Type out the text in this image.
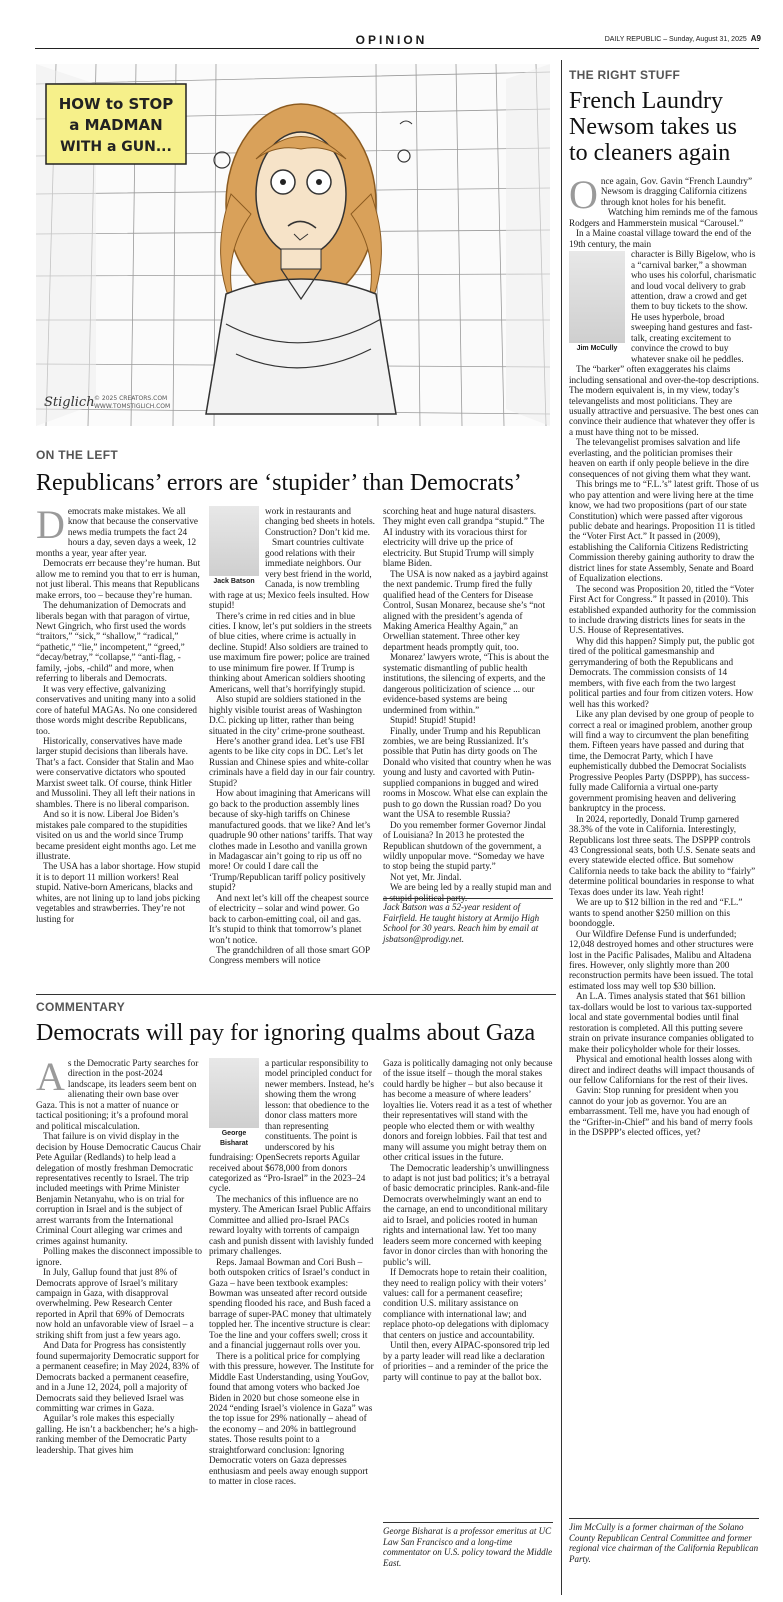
OPINION	DAILY REPUBLIC – Sunday, August 31, 2025 A9
HOW to STOP
a MADMAN
WITH a GUN...
Stiglich © 2025 CREATORS.COM
WWW.TOMSTIGLICH.COM
ON THE LEFT
Republicans’ errors are ‘stupider’ than Democrats’

Democrats make mistakes. We all know that because the conservative news media trumpets the fact 24 hours a day, seven days a week, 12 months a year, year after year.

Democrats err because they’re human. But allow me to remind you that to err is human, not just liberal. This means that Republicans make errors, too – because they’re human.

The dehumanization of Democrats and liberals began with that paragon of virtue, Newt Gingrich, who first used the words “traitors,” “sick,” “shallow,” “radical,” “pathetic,” “lie,” incompetent,” “greed,” “decay/betray,” “collapse,” “anti-flag, -family, -jobs, -child” and more, when referring to liberals and Democrats.

It was very effective, galvanizing conservatives and uniting many into a solid core of hateful MAGAs. No one considered those words might describe Republicans, too.

Historically, conservatives have made larger stupid decisions than liberals have. That’s a fact. Consider that Stalin and Mao were conservative dictators who spouted Marxist sweet talk. Of course, think Hitler and Mussolini. They all left their nations in shambles. There is no liberal comparison.

And so it is now. Liberal Joe Biden’s mistakes pale compared to the stupidities visited on us and the world since Trump became president eight months ago. Let me illustrate.

The USA has a labor shortage. How stupid it is to deport 11 million workers! Real stupid. Native-born Americans, blacks and whites, are not lining up to land jobs picking vegetables and strawberries. They’re not lusting for

Jack Batson

work in restaurants and changing bed sheets in hotels. Construction? Don’t kid me.

Smart countries cultivate good relations with their immediate neighbors. Our very best friend in the world, Canada, is now trembling with rage at us; Mexico feels insulted. How stupid!

There’s crime in red cities and in blue cities. I know, let’s put soldiers in the streets of blue cities, where crime is actually in decline. Stupid! Also soldiers are trained to use maximum fire power; police are trained to use minimum fire power. If Trump is thinking about American soldiers shooting Americans, well that’s horrifyingly stupid.

Also stupid are soldiers stationed in the highly visible tourist areas of Washington D.C. picking up litter, rather than being situated in the city’ crime-prone southeast.

Here’s another grand idea. Let’s use FBI agents to be like city cops in DC. Let’s let Russian and Chinese spies and white-collar criminals have a field day in our fair country. Stupid?

How about imagining that Americans will go back to the production assembly lines because of sky-high tariffs on Chinese manufactured goods. that we like? And let’s quadruple 90 other nations’ tariffs. That way clothes made in Lesotho and vanilla grown in Madagascar ain’t going to rip us off no more! Or could I dare call the ‘Trump/Republican tariff policy positively stupid?

And next let’s kill off the cheapest source of electricity – solar and wind power. Go back to carbon-emitting coal, oil and gas. It’s stupid to think that tomorrow’s planet won’t notice.

The grandchildren of all those smart GOP Congress members will notice

scorching heat and huge natural disasters. They might even call grandpa “stupid.” The AI industry with its voracious thirst for electricity will drive up the price of electricity. But Stupid Trump will simply blame Biden.

The USA is now naked as a jaybird against the next pandemic. Trump fired the fully qualified head of the Centers for Disease Control, Susan Monarez, because she’s “not aligned with the president’s agenda of Making America Healthy Again,” an Orwellian statement. Three other key department heads promptly quit, too.

Monarez’ lawyers wrote, “This is about the systematic dismantling of public health institutions, the silencing of experts, and the dangerous politicization of science ... our evidence-based systems are being undermined from within.”

Stupid! Stupid! Stupid!

Finally, under Trump and his Republican zombies, we are being Russianized. It’s possible that Putin has dirty goods on The Donald who visited that country when he was young and lusty and cavorted with Putin-supplied companions in bugged and wired rooms in Moscow. What else can explain the push to go down the Russian road? Do you want the USA to resemble Russia?

Do you remember former Governor Jindal of Louisiana? In 2013 he protested the Republican shutdown of the government, a wildly unpopular move. “Someday we have to stop being the stupid party.”

Not yet, Mr. Jindal.

We are being led by a really stupid man and a stupid political party.

Jack Batson was a 52-year resident of Fairfield. He taught history at Armijo High School for 30 years. Reach him by email at jsbatson@prodigy.net.
COMMENTARY
Democrats will pay for ignoring qualms about Gaza

As the Democratic Party searches for direction in the post-2024 landscape, its leaders seem bent on alienating their own base over Gaza. This is not a matter of nuance or tactical positioning; it’s a profound moral and political miscalculation.

That failure is on vivid display in the decision by House Democratic Caucus Chair Pete Aguilar (Redlands) to help lead a delegation of mostly freshman Democratic representatives recently to Israel. The trip included meetings with Prime Minister Benjamin Netanyahu, who is on trial for corruption in Israel and is the subject of arrest warrants from the International Criminal Court alleging war crimes and crimes against humanity.

Polling makes the disconnect impossible to ignore.

In July, Gallup found that just 8% of Democrats approve of Israel’s military campaign in Gaza, with disapproval overwhelming. Pew Research Center reported in April that 69% of Democrats now hold an unfavorable view of Israel – a striking shift from just a few years ago.

And Data for Progress has consistently found supermajority Democratic support for a permanent ceasefire; in May 2024, 83% of Democrats backed a permanent ceasefire, and in a June 12, 2024, poll a majority of Democrats said they believed Israel was committing war crimes in Gaza.

Aguilar’s role makes this especially galling. He isn’t a backbencher; he’s a high-ranking member of the Democratic Party leadership. That gives him

George Bisharat

a particular responsibility to model principled conduct for newer members. Instead, he’s showing them the wrong lesson: that obedience to the donor class matters more than representing constituents. The point is underscored by his fundraising: OpenSecrets reports Aguilar received about $678,000 from donors categorized as “Pro-Israel” in the 2023–24 cycle.

The mechanics of this influence are no mystery. The American Israel Public Affairs Committee and allied pro-Israel PACs reward loyalty with torrents of campaign cash and punish dissent with lavishly funded primary challenges.

Reps. Jamaal Bowman and Cori Bush – both outspoken critics of Israel’s conduct in Gaza – have been textbook examples: Bowman was unseated after record outside spending flooded his race, and Bush faced a barrage of super-PAC money that ultimately toppled her. The incentive structure is clear: Toe the line and your coffers swell; cross it and a financial juggernaut rolls over you.

There is a political price for complying with this pressure, however. The Institute for Middle East Understanding, using YouGov, found that among voters who backed Joe Biden in 2020 but chose someone else in 2024 “ending Israel’s violence in Gaza” was the top issue for 29% nationally – ahead of the economy – and 20% in battleground states. Those results point to a straightforward conclusion: Ignoring Democratic voters on Gaza depresses enthusiasm and peels away enough support to matter in close races.

Gaza is politically damaging not only because of the issue itself – though the moral stakes could hardly be higher – but also because it has become a measure of where leaders’ loyalties lie. Voters read it as a test of whether their representatives will stand with the people who elected them or with wealthy donors and foreign lobbies. Fail that test and many will assume you might betray them on other critical issues in the future.

The Democratic leadership’s unwillingness to adapt is not just bad politics; it’s a betrayal of basic democratic principles. Rank-and-file Democrats overwhelmingly want an end to the carnage, an end to unconditional military aid to Israel, and policies rooted in human rights and international law. Yet too many leaders seem more concerned with keeping favor in donor circles than with honoring the public’s will.

If Democrats hope to retain their coalition, they need to realign policy with their voters’ values: call for a permanent ceasefire; condition U.S. military assistance on compliance with international law; and replace photo-op delegations with diplomacy that centers on justice and accountability.

Until then, every AIPAC-sponsored trip led by a party leader will read like a declaration of priorities – and a reminder of the price the party will continue to pay at the ballot box.

George Bisharat is a professor emeritus at UC Law San Francisco and a long-time commentator on U.S. policy toward the Middle East.
THE RIGHT STUFF
French Laundry Newsom takes us to cleaners again

Once again, Gov. Gavin “French Laundry” Newsom is dragging California citizens through knot holes for his benefit.

Watching him reminds me of the famous Rodgers and Hammerstein musical “Carousel.”

In a Maine coastal village toward the end of the 19th century, the main

Jim McCully

character is Billy Bigelow, who is a “carnival barker,” a showman who uses his colorful, charismatic and loud vocal delivery to grab attention, draw a crowd and get them to buy tickets to the show. He uses hyperbole, broad sweeping hand gestures and fast-talk, creating excitement to convince the crowd to buy whatever snake oil he peddles.

The “barker” often exaggerates his claims including sensational and over-the-top descriptions. The modern equivalent is, in my view, today’s televangelists and most politicians. They are usually attractive and persuasive. The best ones can convince their audience that whatever they offer is a must have thing not to be missed.

The televangelist promises salvation and life everlasting, and the politician promises their heaven on earth if only people believe in the dire consequences of not giving them what they want.

This brings me to “F.L.’s” latest grift. Those of us who pay attention and were living here at the time know, we had two propositions (part of our state Constitution) which were passed after vigorous public debate and hearings. Proposition 11 is titled the “Voter First Act.” It passed in (2009), establishing the California Citizens Redistricting Commission thereby gaining authority to draw the district lines for state Assembly, Senate and Board of Equalization elections.

The second was Proposition 20, titled the “Voter First Act for Congress.” It passed in (2010). This established expanded authority for the commission to include drawing districts lines for seats in the U.S. House of Representatives.

Why did this happen? Simply put, the public got tired of the political gamesmanship and gerrymandering of both the Republicans and Democrats. The commission consists of 14 members, with five each from the two largest political parties and four from citizen voters. How well has this worked?

Like any plan devised by one group of people to correct a real or imagined problem, another group will find a way to circumvent the plan benefiting them. Fifteen years have passed and during that time, the Democrat Party, which I have euphemistically dubbed the Democrat Socialists Progressive Peoples Party (DSPPP), has successfully made California a virtual one-party government promising heaven and delivering bankruptcy in the process.

In 2024, reportedly, Donald Trump garnered 38.3% of the vote in California. Interestingly, Republicans lost three seats. The DSPPP controls 43 Congressional seats, both U.S. Senate seats and every statewide elected office. But somehow California needs to take back the ability to “fairly” determine political boundaries in response to what Texas does under its law. Yeah right!

We are up to $12 billion in the red and “F.L.” wants to spend another $250 million on this boondoggle.

Our Wildfire Defense Fund is underfunded; 12,048 destroyed homes and other structures were lost in the Pacific Palisades, Malibu and Altadena fires. However, only slightly more than 200 reconstruction permits have been issued. The total estimated loss may well top $30 billion.

An L.A. Times analysis stated that $61 billion tax-dollars would be lost to various tax-supported local and state governmental bodies until final restoration is completed. All this putting severe strain on private insurance companies obligated to make their policyholder whole for their losses.

Physical and emotional health losses along with direct and indirect deaths will impact thousands of our fellow Californians for the rest of their lives.

Gavin: Stop running for president when you cannot do your job as governor. You are an embarrassment. Tell me, have you had enough of the “Grifter-in-Chief” and his band of merry fools in the DSPPP’s elected offices, yet?

Jim McCully is a former chairman of the Solano County Republican Central Committee and former regional vice chairman of the California Republican Party.
